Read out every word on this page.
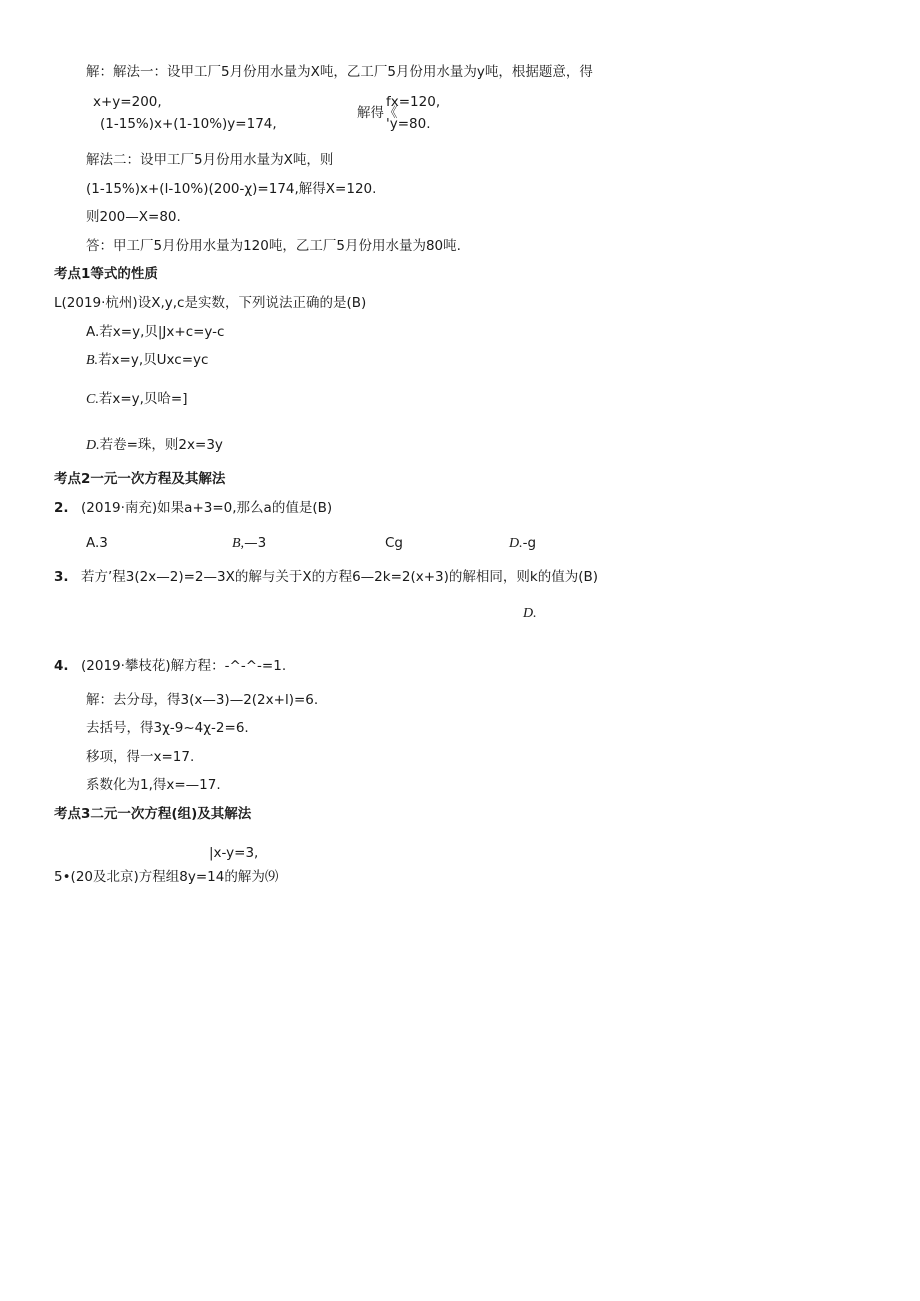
解：解法一：设甲工厂5月份用水量为X吨，乙工厂5月份用水量为y吨，根据题意，得
x+y=200,
(1-15%)x+(1-10%)y=174,
解得《
fx=120,
'y=80.
解法二：设甲工厂5月份用水量为X吨，则
(1-15%)x+(l-10%)(200-χ)=174,解得X=120.
则200—X=80.
答：甲工厂5月份用水量为120吨，乙工厂5月份用水量为80吨.
考点1等式的性质
L(2019·杭州)设X,y,c是实数，下列说法正确的是(B)
A.若x=y,贝|Jx+c=y-c
B.若x=y,贝Uxc=yc
C.若x=y,贝哈=]
D.若卷=珠，则2x=3y
考点2一元一次方程及其解法
2. (2019·南充)如果a+3=0,那么a的值是(B)
A.3	B,—3	Cg	D.-g
3. 若方’程3(2x—2)=2—3X的解与关于X的方程6—2k=2(x+3)的解相同，则k的值为(B)
D.
4. (2019·攀枝花)解方程：-^-^-=1.
解：去分母，得3(x—3)—2(2x+l)=6.
去括号，得3χ-9~4χ-2=6.
移项，得一x=17.
系数化为1,得x=—17.
考点3二元一次方程(组)及其解法
|x-y=3,
5•(20及北京)方程组8y=14的解为⑼
